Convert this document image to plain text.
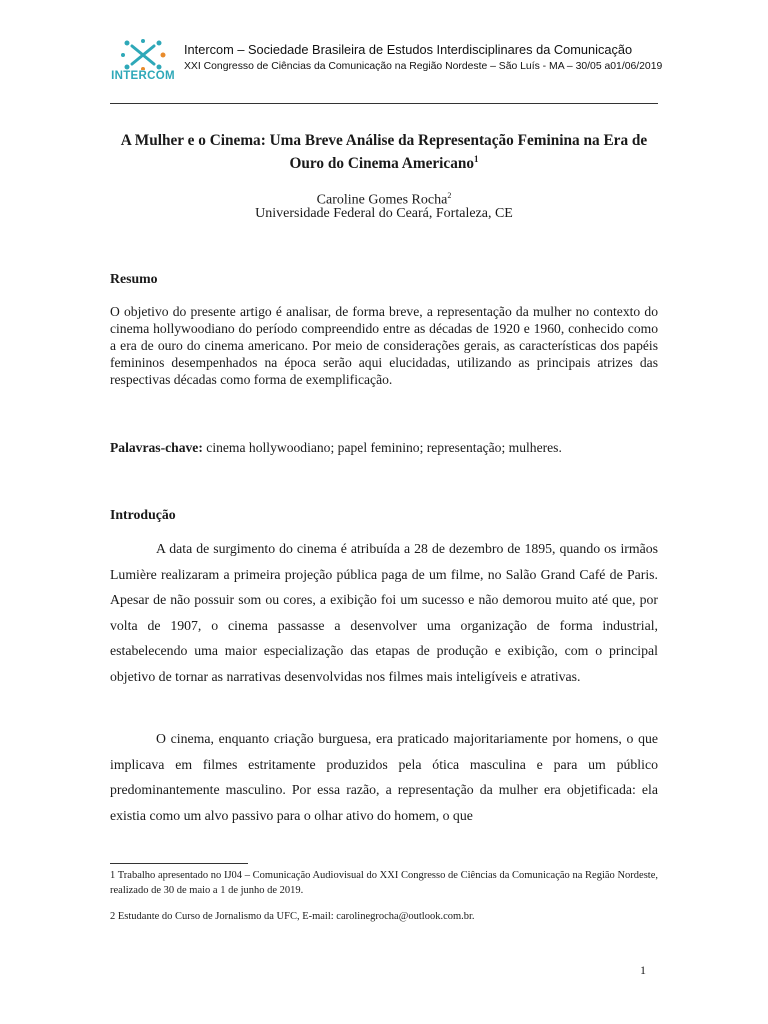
INTERCOM
Intercom – Sociedade Brasileira de Estudos Interdisciplinares da Comunicação
XXI Congresso de Ciências da Comunicação na Região Nordeste – São Luís - MA – 30/05 a01/06/2019
A Mulher e o Cinema: Uma Breve Análise da Representação Feminina na Era de
Ouro do Cinema Americano$^1$
Caroline Gomes Rocha$^2$
Universidade Federal do Ceará, Fortaleza, CE
Resumo

O objetivo do presente artigo é analisar, de forma breve, a representação da mulher no contexto do cinema hollywoodiano do período compreendido entre as décadas de 1920 e 1960, conhecido como a era de ouro do cinema americano. Por meio de considerações gerais, as características dos papéis femininos desempenhados na época serão aqui elucidadas, utilizando as principais atrizes das respectivas décadas como forma de exemplificação.

Palavras-chave: cinema hollywoodiano; papel feminino; representação; mulheres.

Introdução

A data de surgimento do cinema é atribuída a 28 de dezembro de 1895, quando os irmãos Lumière realizaram a primeira projeção pública paga de um filme, no Salão Grand Café de Paris. Apesar de não possuir som ou cores, a exibição foi um sucesso e não demorou muito até que, por volta de 1907, o cinema passasse a desenvolver uma organização de forma industrial, estabelecendo uma maior especialização das etapas de produção e exibição, com o principal objetivo de tornar as narrativas desenvolvidas nos filmes mais inteligíveis e atrativas.

O cinema, enquanto criação burguesa, era praticado majoritariamente por homens, o que implicava em filmes estritamente produzidos pela ótica masculina e para um público predominantemente masculino. Por essa razão, a representação da mulher era objetificada: ela existia como um alvo passivo para o olhar ativo do homem, o que

1 Trabalho apresentado no IJ04 – Comunicação Audiovisual do XXI Congresso de Ciências da Comunicação na Região Nordeste, realizado de 30 de maio a 1 de junho de 2019.

2 Estudante do Curso de Jornalismo da UFC, E-mail: carolinegrocha@outlook.com.br.

1
